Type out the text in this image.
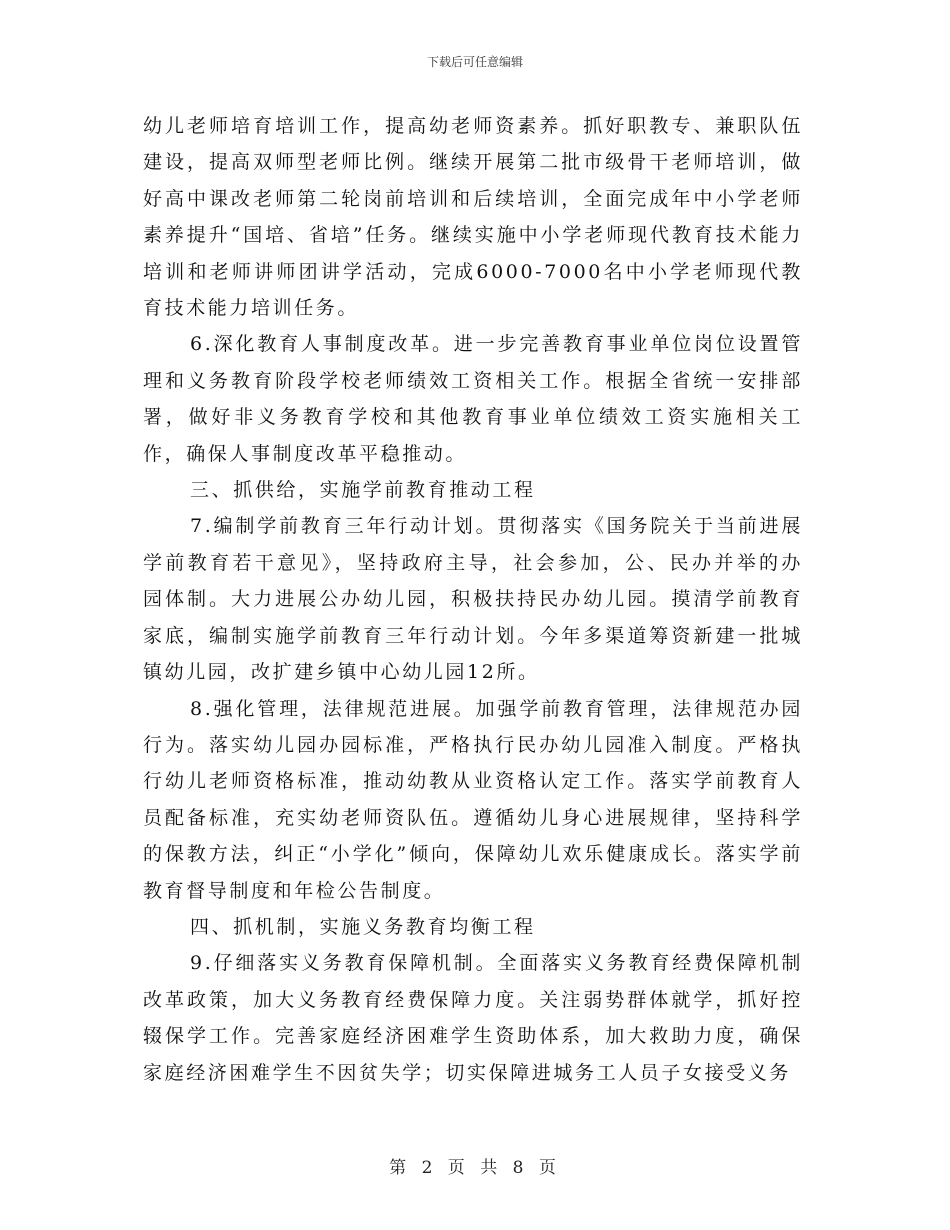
下载后可任意编辑

幼儿老师培育培训工作，提高幼老师资素养。抓好职教专、兼职队伍建设，提高双师型老师比例。继续开展第二批市级骨干老师培训，做好高中课改老师第二轮岗前培训和后续培训，全面完成年中小学老师素养提升“国培、省培”任务。继续实施中小学老师现代教育技术能力培训和老师讲师团讲学活动，完成6000-7000名中小学老师现代教育技术能力培训任务。

6.深化教育人事制度改革。进一步完善教育事业单位岗位设置管理和义务教育阶段学校老师绩效工资相关工作。根据全省统一安排部署，做好非义务教育学校和其他教育事业单位绩效工资实施相关工作，确保人事制度改革平稳推动。

三、抓供给，实施学前教育推动工程

7.编制学前教育三年行动计划。贯彻落实《国务院关于当前进展学前教育若干意见》，坚持政府主导，社会参加，公、民办并举的办园体制。大力进展公办幼儿园，积极扶持民办幼儿园。摸清学前教育家底，编制实施学前教育三年行动计划。今年多渠道筹资新建一批城镇幼儿园，改扩建乡镇中心幼儿园12所。

8.强化管理，法律规范进展。加强学前教育管理，法律规范办园行为。落实幼儿园办园标准，严格执行民办幼儿园准入制度。严格执行幼儿老师资格标准，推动幼教从业资格认定工作。落实学前教育人员配备标准，充实幼老师资队伍。遵循幼儿身心进展规律，坚持科学的保教方法，纠正“小学化”倾向，保障幼儿欢乐健康成长。落实学前教育督导制度和年检公告制度。

四、抓机制，实施义务教育均衡工程

9.仔细落实义务教育保障机制。全面落实义务教育经费保障机制改革政策，加大义务教育经费保障力度。关注弱势群体就学，抓好控辍保学工作。完善家庭经济困难学生资助体系，加大救助力度，确保家庭经济困难学生不因贫失学；切实保障进城务工人员子女接受义务

第 2 页 共 8 页
